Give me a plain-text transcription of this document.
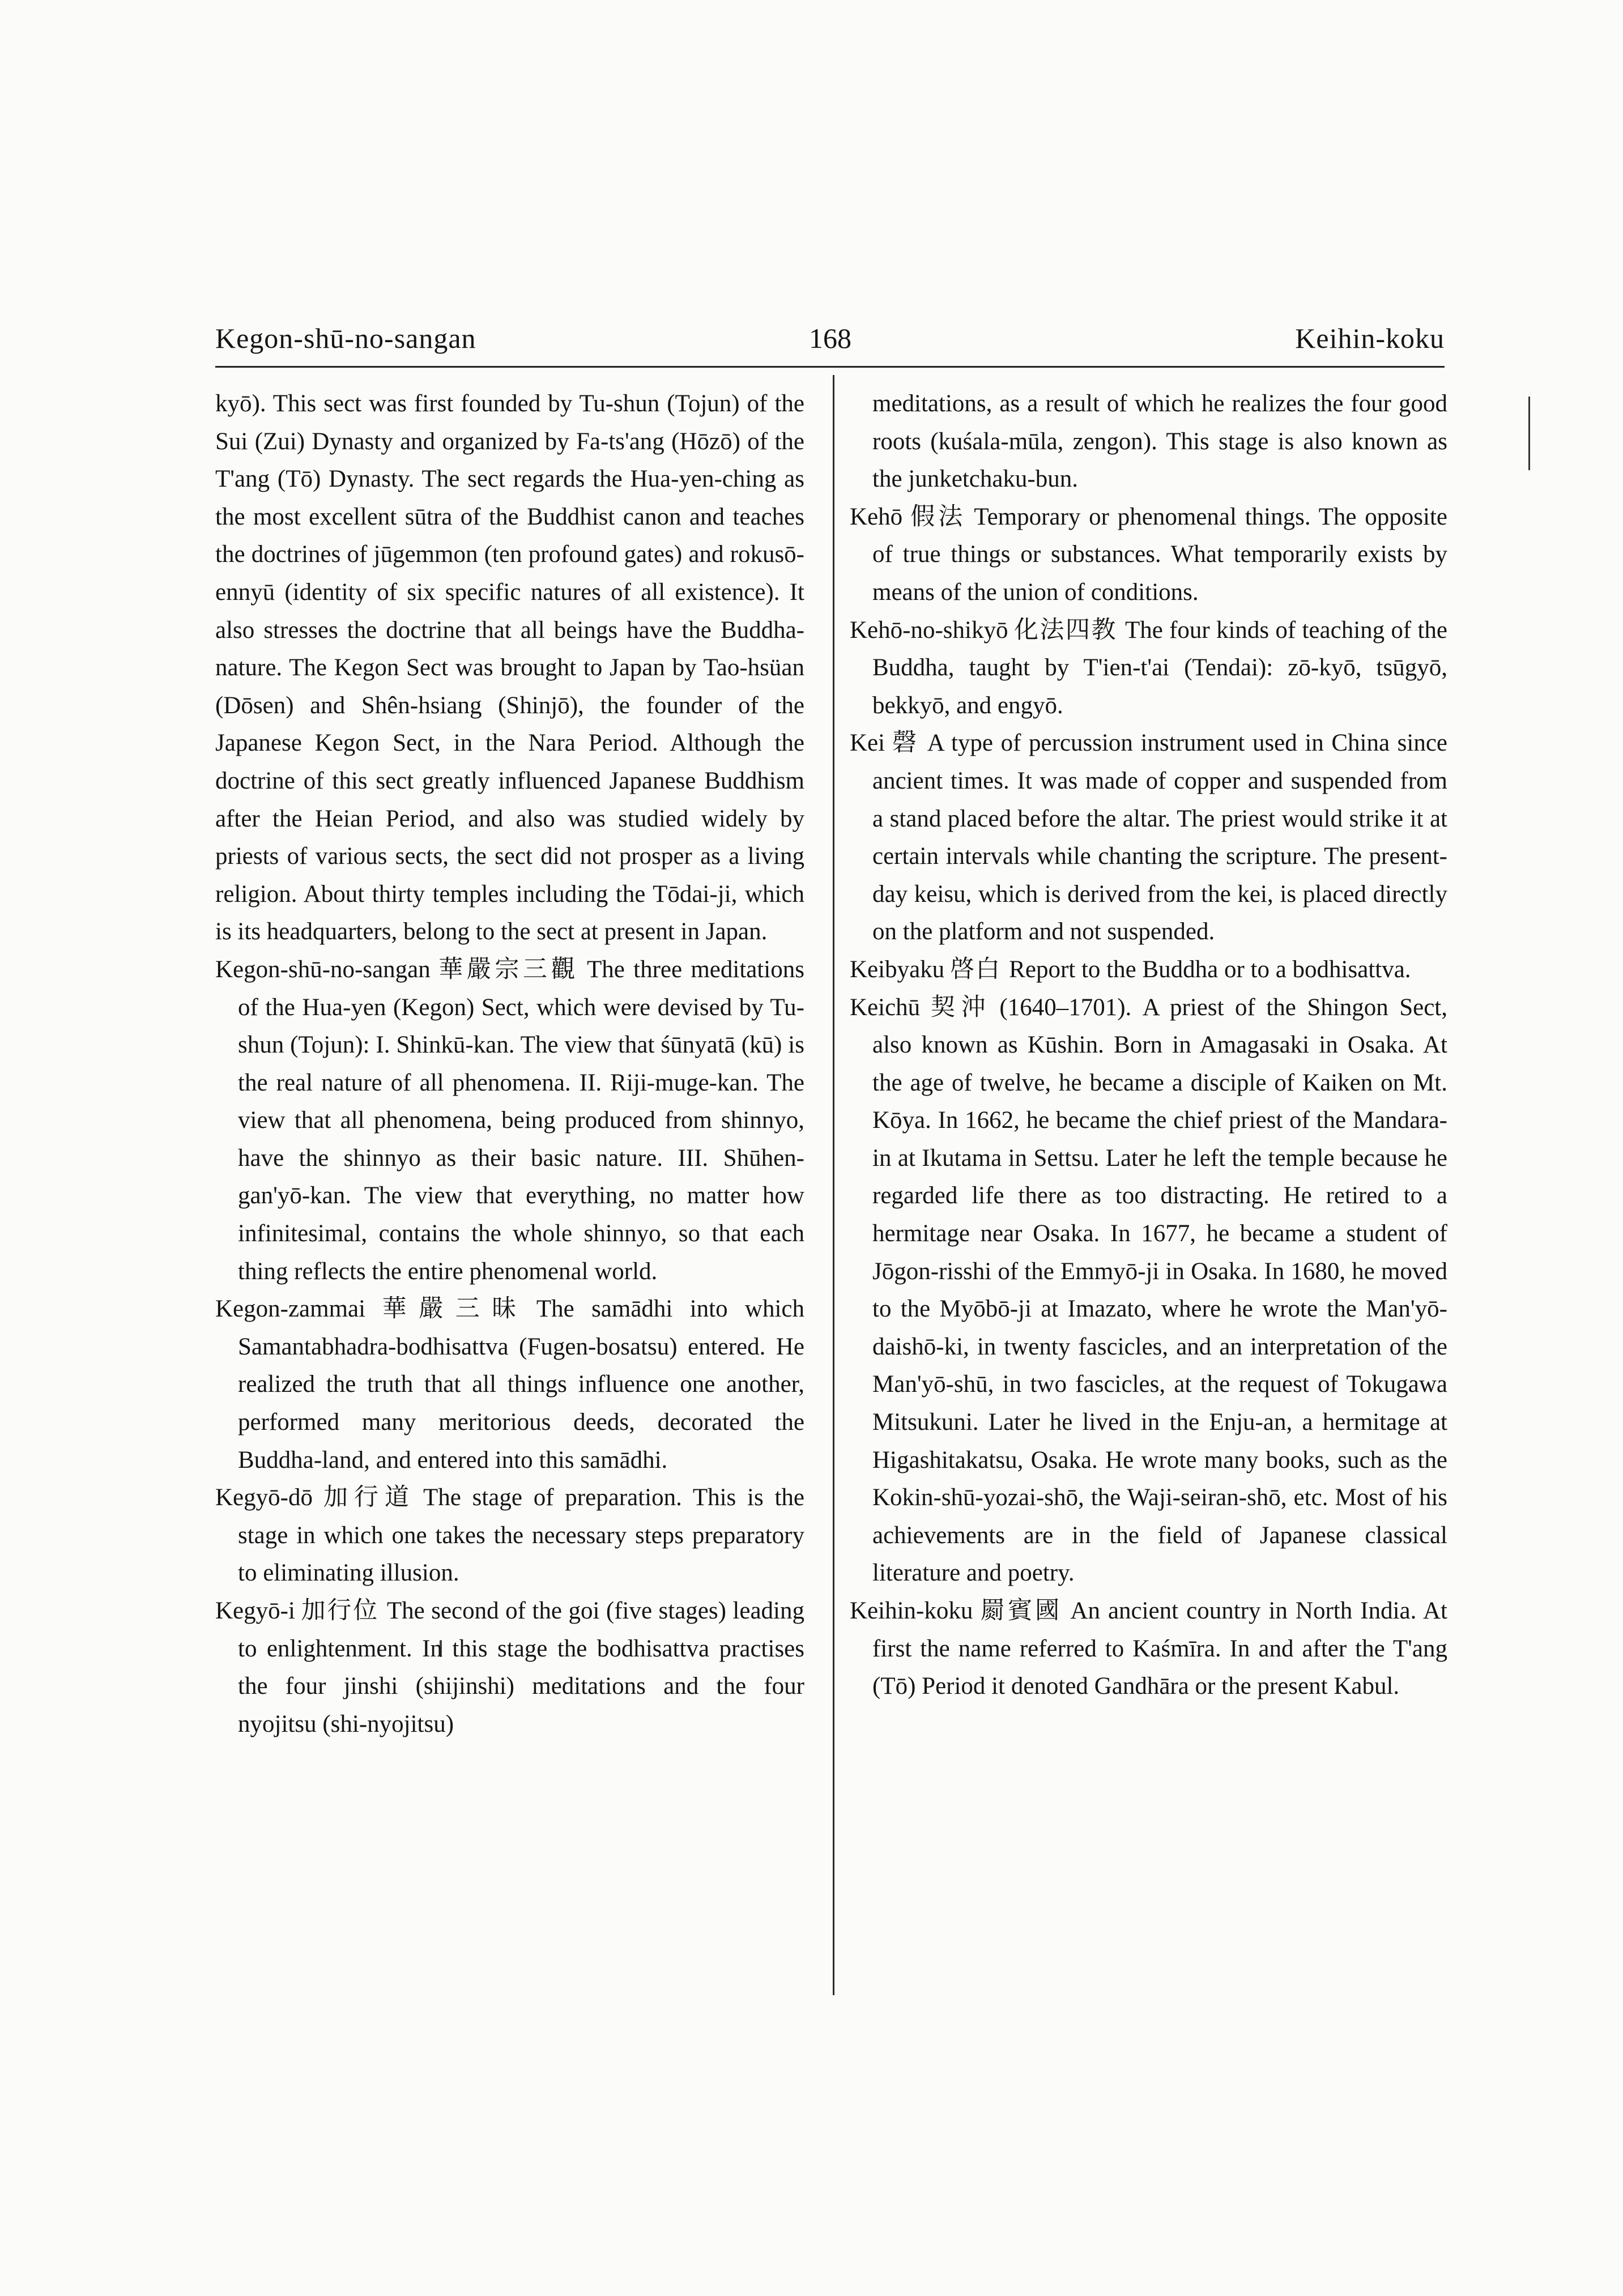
Kegon-shū-no-sangan	168	Keihin-koku

kyō). This sect was first founded by Tu-shun (Tojun) of the Sui (Zui) Dynasty and organized by Fa-ts'ang (Hōzō) of the T'ang (Tō) Dynasty. The sect regards the Hua-yen-ching as the most excellent sūtra of the Buddhist canon and teaches the doctrines of jūgemmon (ten profound gates) and rokusō-ennyū (identity of six specific natures of all existence). It also stresses the doctrine that all beings have the Buddha-nature. The Kegon Sect was brought to Japan by Tao-hsüan (Dōsen) and Shên-hsiang (Shinjō), the founder of the Japanese Kegon Sect, in the Nara Period. Although the doctrine of this sect greatly influenced Japanese Buddhism after the Heian Period, and also was studied widely by priests of various sects, the sect did not prosper as a living religion. About thirty temples including the Tōdai-ji, which is its headquarters, belong to the sect at present in Japan.

Kegon-shū-no-sangan 華嚴宗三觀 The three meditations of the Hua-yen (Kegon) Sect, which were devised by Tu-shun (Tojun): I. Shinkū-kan. The view that śūnyatā (kū) is the real nature of all phenomena. II. Riji-muge-kan. The view that all phenomena, being produced from shinnyo, have the shinnyo as their basic nature. III. Shūhen-gan'yō-kan. The view that everything, no matter how infinitesimal, contains the whole shinnyo, so that each thing reflects the entire phenomenal world.

Kegon-zammai 華嚴三昧 The samādhi into which Samantabhadra-bodhisattva (Fugen-bosatsu) entered. He realized the truth that all things influence one another, performed many meritorious deeds, decorated the Buddha-land, and entered into this samādhi.

Kegyō-dō 加行道 The stage of preparation. This is the stage in which one takes the necessary steps preparatory to eliminating illusion.

Kegyō-i 加行位 The second of the goi (five stages) leading to enlightenment. In this stage the bodhisattva practises the four jinshi (shijinshi) meditations and the four nyojitsu (shi-nyojitsu)

meditations, as a result of which he realizes the four good roots (kuśala-mūla, zengon). This stage is also known as the junketchaku-bun.

Kehō 假法 Temporary or phenomenal things. The opposite of true things or substances. What temporarily exists by means of the union of conditions.

Kehō-no-shikyō 化法四教 The four kinds of teaching of the Buddha, taught by T'ien-t'ai (Tendai): zō-kyō, tsūgyō, bekkyō, and engyō.

Kei 磬 A type of percussion instrument used in China since ancient times. It was made of copper and suspended from a stand placed before the altar. The priest would strike it at certain intervals while chanting the scripture. The present-day keisu, which is derived from the kei, is placed directly on the platform and not suspended.

Keibyaku 啓白 Report to the Buddha or to a bodhisattva.

Keichū 契沖 (1640–1701). A priest of the Shingon Sect, also known as Kūshin. Born in Amagasaki in Osaka. At the age of twelve, he became a disciple of Kaiken on Mt. Kōya. In 1662, he became the chief priest of the Mandara-in at Ikutama in Settsu. Later he left the temple because he regarded life there as too distracting. He retired to a hermitage near Osaka. In 1677, he became a student of Jōgon-risshi of the Emmyō-ji in Osaka. In 1680, he moved to the Myōbō-ji at Imazato, where he wrote the Man'yō-daishō-ki, in twenty fascicles, and an interpretation of the Man'yō-shū, in two fascicles, at the request of Tokugawa Mitsukuni. Later he lived in the Enju-an, a hermitage at Higashitakatsu, Osaka. He wrote many books, such as the Kokin-shū-yozai-shō, the Waji-seiran-shō, etc. Most of his achievements are in the field of Japanese classical literature and poetry.

Keihin-koku 罽賓國 An ancient country in North India. At first the name referred to Kaśmīra. In and after the T'ang (Tō) Period it denoted Gandhāra or the present Kabul.
